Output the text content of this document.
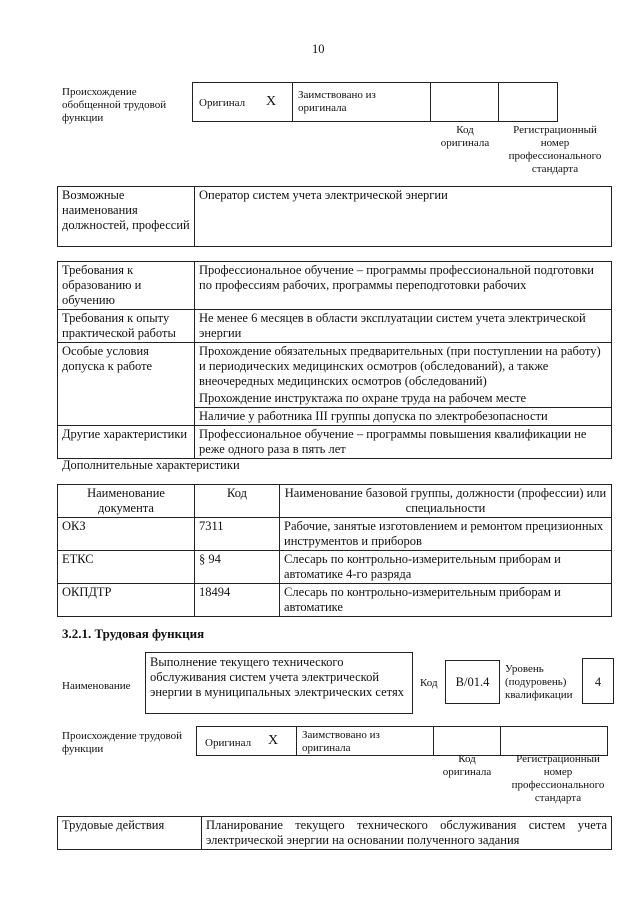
10
Происхождение обобщенной трудовой функции
Оригинал X Заимствовано из оригинала
Код оригинала
Регистрационный номер профессионального стандарта
Возможные наименования должностей, профессий	Оператор систем учета электрической энергии
Требования к образованию и обучению	Профессиональное обучение – программы профессиональной подготовки по профессиям рабочих, программы переподготовки рабочих
Требования к опыту практической работы	Не менее 6 месяцев в области эксплуатации систем учета электрической энергии
Особые условия допуска к работе	Прохождение обязательных предварительных (при поступлении на работу) и периодических медицинских осмотров (обследований), а также внеочередных медицинских осмотров (обследований)
	Прохождение инструктажа по охране труда на рабочем месте
	Наличие у работника III группы допуска по электробезопасности
Другие характеристики	Профессиональное обучение – программы повышения квалификации не реже одного раза в пять лет
Дополнительные характеристики
Наименование документа	Код	Наименование базовой группы, должности (профессии) или специальности
ОКЗ	7311	Рабочие, занятые изготовлением и ремонтом прецизионных инструментов и приборов
ЕТКС	§ 94	Слесарь по контрольно-измерительным приборам и автоматике 4-го разряда
ОКПДТР	18494	Слесарь по контрольно-измерительным приборам и автоматике
3.2.1. Трудовая функция
Наименование
Выполнение текущего технического обслуживания систем учета электрической энергии в муниципальных электрических сетях
Код	B/01.4
Уровень (подуровень) квалификации
4
Происхождение трудовой функции	Оригинал X Заимствовано из оригинала
Код оригинала
Регистрационный номер профессионального стандарта
Трудовые действия	Планирование текущего технического обслуживания систем учета электрической энергии на основании полученного задания
